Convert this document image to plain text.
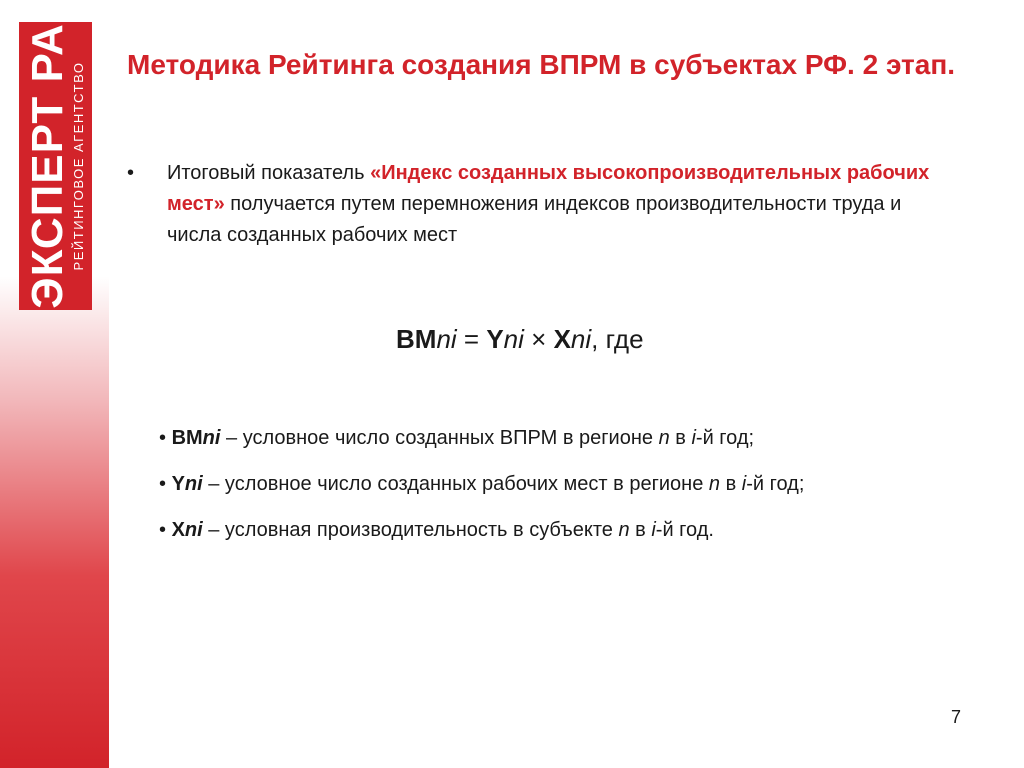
ЭКСПЕРТ РА РЕЙТИНГОВОЕ АГЕНТСТВО Методика Рейтинга создания ВПРМ в субъектах РФ. 2 этап.
• Итоговый показатель «Индекс созданных высокопроизводительных рабочих мест» получается путем перемножения индексов производительности труда и числа созданных рабочих мест
ВМni = Yni × Xni, где
• ВМni – условное число созданных ВПРМ в регионе n в i-й год;
• Yni – условное число созданных рабочих мест в регионе n в i-й год;
• Xni – условная производительность в субъекте n в i-й год.
7
